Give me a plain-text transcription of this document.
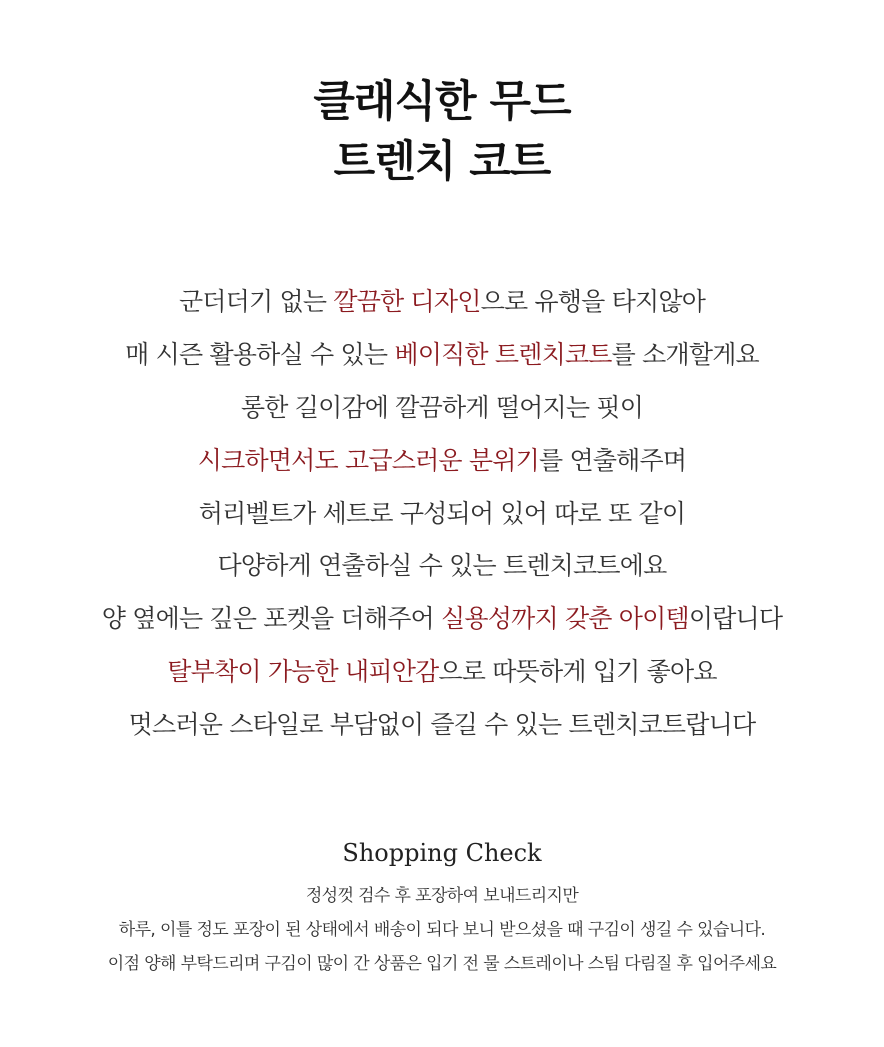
클래식한 무드
트렌치 코트
군더더기 없는 깔끔한 디자인으로 유행을 타지않아
매 시즌 활용하실 수 있는 베이직한 트렌치코트를 소개할게요
롱한 길이감에 깔끔하게 떨어지는 핏이
시크하면서도 고급스러운 분위기를 연출해주며
허리벨트가 세트로 구성되어 있어 따로 또 같이
다양하게 연출하실 수 있는 트렌치코트에요
양 옆에는 깊은 포켓을 더해주어 실용성까지 갖춘 아이템이랍니다
탈부착이 가능한 내피안감으로 따뜻하게 입기 좋아요
멋스러운 스타일로 부담없이 즐길 수 있는 트렌치코트랍니다
Shopping Check
정성껏 검수 후 포장하여 보내드리지만
하루, 이틀 정도 포장이 된 상태에서 배송이 되다 보니 받으셨을 때 구김이 생길 수 있습니다.
이점 양해 부탁드리며 구김이 많이 간 상품은 입기 전 물 스트레이나 스팀 다림질 후 입어주세요
